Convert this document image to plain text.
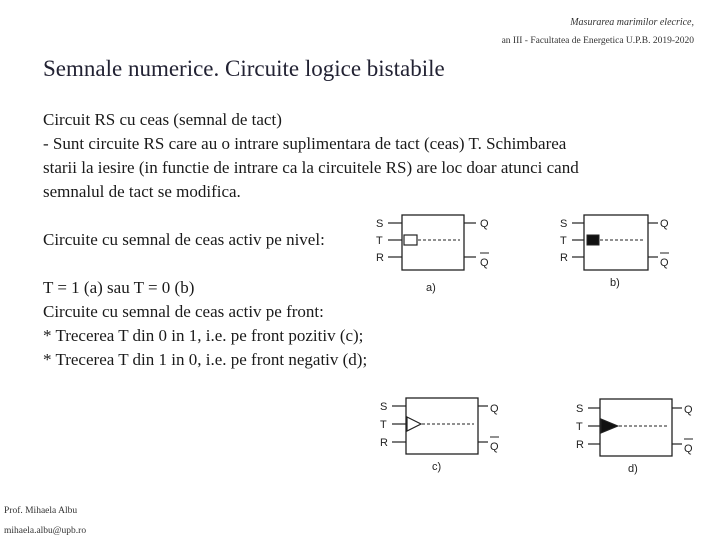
Masurarea marimilor elecrice,
an III - Facultatea de Energetica U.P.B. 2019-2020
Semnale numerice. Circuite logice bistabile
Circuit RS cu ceas (semnal de tact)
- Sunt circuite RS care au o intrare suplimentara de tact (ceas) T. Schimbarea
starii la iesire (in functie de intrare ca la circuitele RS) are loc doar atunci cand
semnalul de tact se modifica.
Circuite cu semnal de ceas activ pe nivel:
T = 1 (a) sau T = 0 (b)
Circuite cu semnal de ceas activ pe front:
* Trecerea T din 0 in 1, i.e. pe front pozitiv (c);
* Trecerea T din 1 in 0, i.e. pe front negativ (d);
S
T
R
Q
Q
a)
S
T
R
Q
Q
b)
S
T
R
Q
Q
c)
S
T
R
Q
Q
d)
Prof. Mihaela Albu
mihaela.albu@upb.ro
